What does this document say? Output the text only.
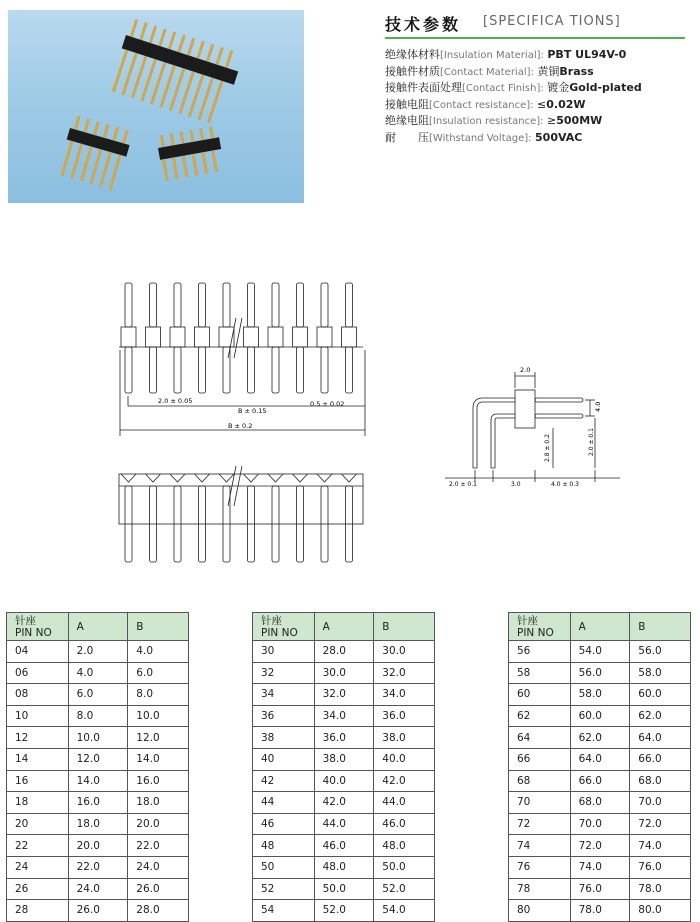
技术参数 [SPECIFICA TIONS]
绝缘体材料[Insulation Material]: PBT UL94V-0
接触件材质[Contact Material]: 黄铜Brass
接触件表面处理[Contact Finish]: 镀金Gold-plated
接触电阻[Contact resistance]: ≤0.02W
绝缘电阻[Insulation resistance]: ≥500MW
耐　　压[Withstand Voltage]: 500VAC
2.0 ± 0.05
B ± 0.15
0.5 ± 0.02
B ± 0.2
2.0
4.0
2.8 ± 0.2	2.0 ± 0.1
2.0 ± 0.1	3.0	4.0 ± 0.3
针座
PIN NO	A	B
04	2.0	4.0
06	4.0	6.0
08	6.0	8.0
10	8.0	10.0
12	10.0	12.0
14	12.0	14.0
16	14.0	16.0
18	16.0	18.0
20	18.0	20.0
22	20.0	22.0
24	22.0	24.0
26	24.0	26.0
28	26.0	28.0
针座
PIN NO	A	B
30	28.0	30.0
32	30.0	32.0
34	32.0	34.0
36	34.0	36.0
38	36.0	38.0
40	38.0	40.0
42	40.0	42.0
44	42.0	44.0
46	44.0	46.0
48	46.0	48.0
50	48.0	50.0
52	50.0	52.0
54	52.0	54.0
针座
PIN NO	A	B
56	54.0	56.0
58	56.0	58.0
60	58.0	60.0
62	60.0	62.0
64	62.0	64.0
66	64.0	66.0
68	66.0	68.0
70	68.0	70.0
72	70.0	72.0
74	72.0	74.0
76	74.0	76.0
78	76.0	78.0
80	78.0	80.0
